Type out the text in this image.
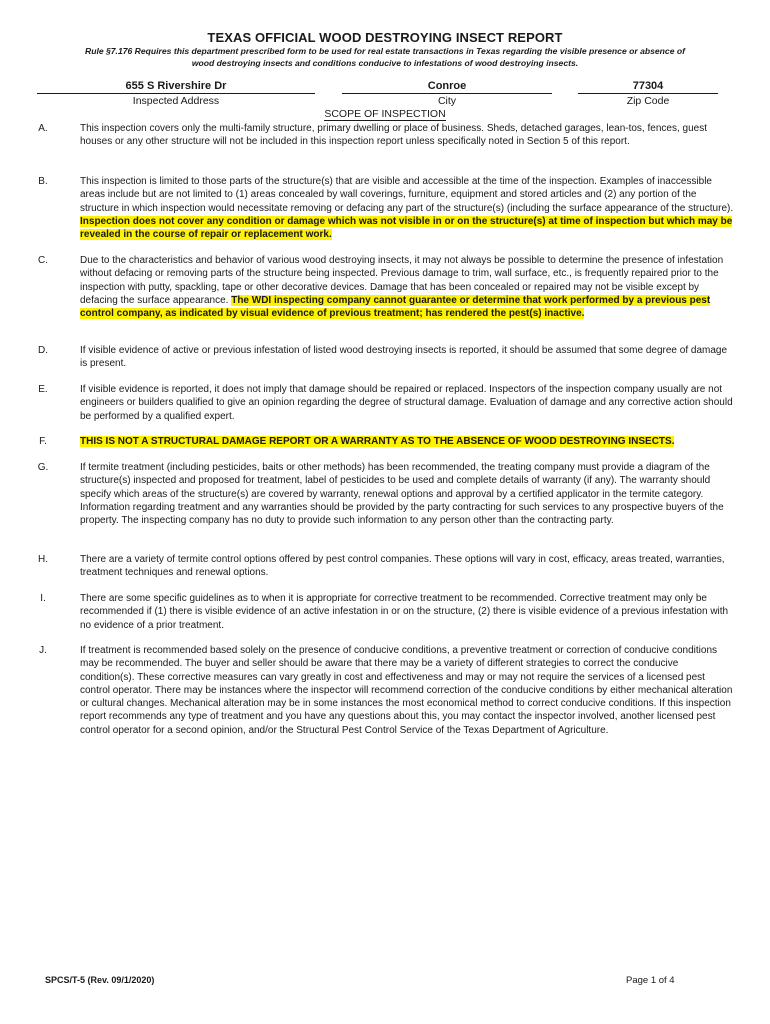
TEXAS OFFICIAL WOOD DESTROYING INSECT REPORT
Rule §7.176 Requires this department prescribed form to be used for real estate transactions in Texas regarding the visible presence or absence of
wood destroying insects and conditions conducive to infestations of wood destroying insects.
655 S Rivershire Dr
Inspected Address
Conroe
City
77304
Zip Code
SCOPE OF INSPECTION
A.	This inspection covers only the multi-family structure, primary dwelling or place of business. Sheds, detached garages, lean-tos, fences, guest houses or any other structure will not be included in this inspection report unless specifically noted in Section 5 of this report.
B.	This inspection is limited to those parts of the structure(s) that are visible and accessible at the time of the inspection. Examples of inaccessible areas include but are not limited to (1) areas concealed by wall coverings, furniture, equipment and stored articles and (2) any portion of the structure in which inspection would necessitate removing or defacing any part of the structure(s) (including the surface appearance of the structure). Inspection does not cover any condition or damage which was not visible in or on the structure(s) at time of inspection but which may be revealed in the course of repair or replacement work.
C.	Due to the characteristics and behavior of various wood destroying insects, it may not always be possible to determine the presence of infestation without defacing or removing parts of the structure being inspected. Previous damage to trim, wall surface, etc., is frequently repaired prior to the inspection with putty, spackling, tape or other decorative devices. Damage that has been concealed or repaired may not be visible except by defacing the surface appearance. The WDI inspecting company cannot guarantee or determine that work performed by a previous pest control company, as indicated by visual evidence of previous treatment; has rendered the pest(s) inactive.
D.	If visible evidence of active or previous infestation of listed wood destroying insects is reported, it should be assumed that some degree of damage is present.
E.	If visible evidence is reported, it does not imply that damage should be repaired or replaced. Inspectors of the inspection company usually are not engineers or builders qualified to give an opinion regarding the degree of structural damage. Evaluation of damage and any corrective action should be performed by a qualified expert.
F.	THIS IS NOT A STRUCTURAL DAMAGE REPORT OR A WARRANTY AS TO THE ABSENCE OF WOOD DESTROYING INSECTS.
G.	If termite treatment (including pesticides, baits or other methods) has been recommended, the treating company must provide a diagram of the structure(s) inspected and proposed for treatment, label of pesticides to be used and complete details of warranty (if any). The warranty should specify which areas of the structure(s) are covered by warranty, renewal options and approval by a certified applicator in the termite category. Information regarding treatment and any warranties should be provided by the party contracting for such services to any prospective buyers of the property. The inspecting company has no duty to provide such information to any person other than the contracting party.
H.	There are a variety of termite control options offered by pest control companies. These options will vary in cost, efficacy, areas treated, warranties, treatment techniques and renewal options.
I.	There are some specific guidelines as to when it is appropriate for corrective treatment to be recommended. Corrective treatment may only be recommended if (1) there is visible evidence of an active infestation in or on the structure, (2) there is visible evidence of a previous infestation with no evidence of a prior treatment.
J.	If treatment is recommended based solely on the presence of conducive conditions, a preventive treatment or correction of conducive conditions may be recommended. The buyer and seller should be aware that there may be a variety of different strategies to correct the conducive condition(s). These corrective measures can vary greatly in cost and effectiveness and may or may not require the services of a licensed pest control operator. There may be instances where the inspector will recommend correction of the conducive conditions by either mechanical alteration or cultural changes. Mechanical alteration may be in some instances the most economical method to correct conducive conditions. If this inspection report recommends any type of treatment and you have any questions about this, you may contact the inspector involved, another licensed pest control operator for a second opinion, and/or the Structural Pest Control Service of the Texas Department of Agriculture.
SPCS/T-5 (Rev. 09/1/2020)	Page 1 of 4
